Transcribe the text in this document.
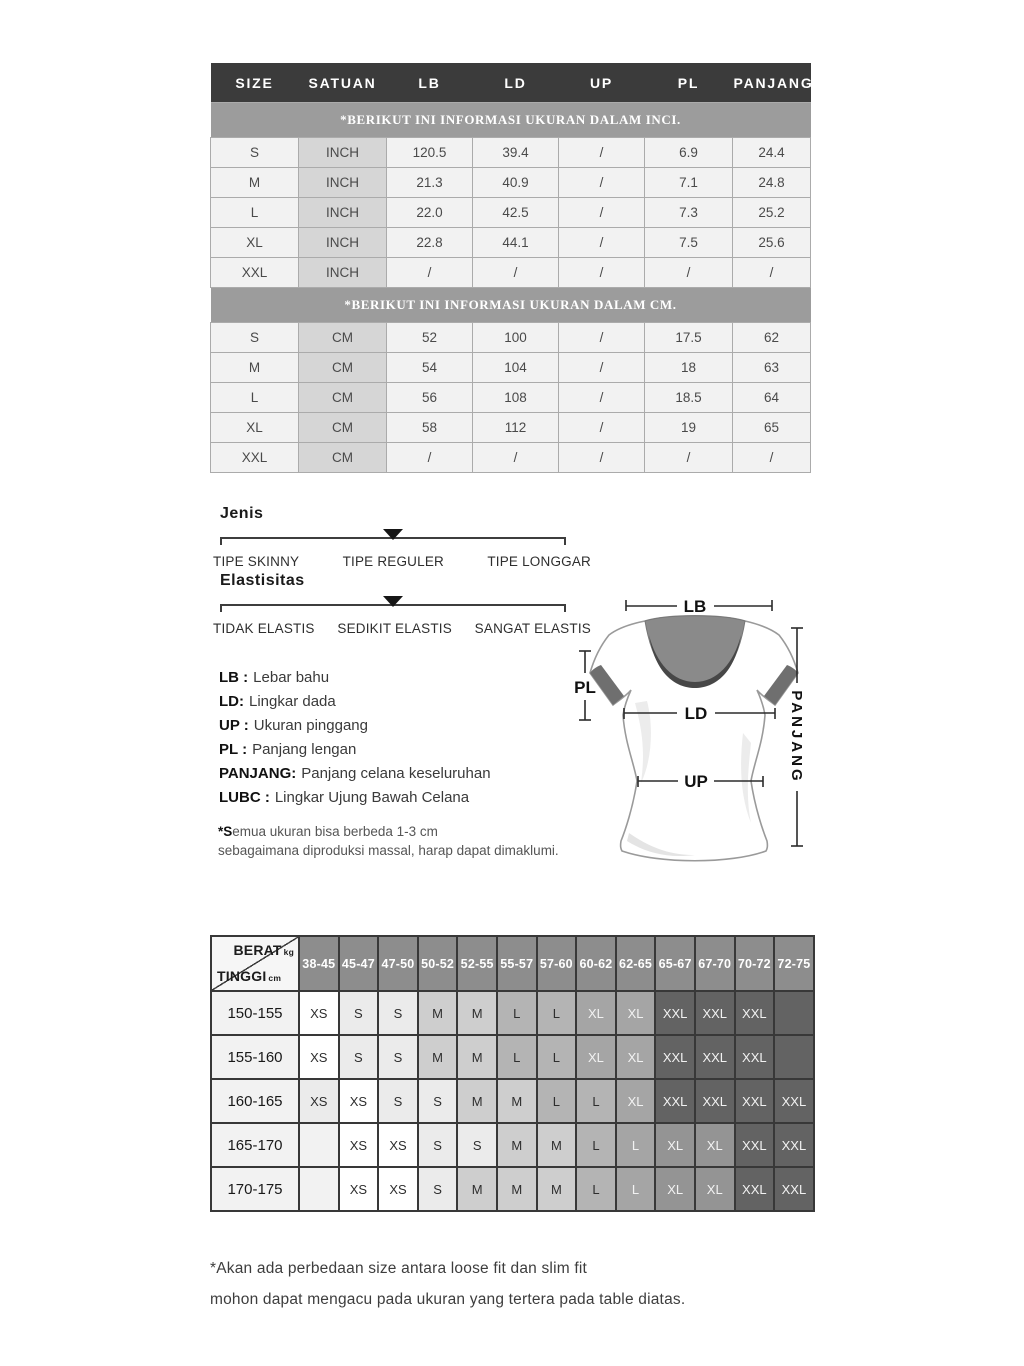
SIZE	SATUAN	LB	LD	UP	PL	PANJANG
*BERIKUT INI INFORMASI UKURAN DALAM INCI.						
S	INCH	120.5	39.4	/	6.9	24.4
M	INCH	21.3	40.9	/	7.1	24.8
L	INCH	22.0	42.5	/	7.3	25.2
XL	INCH	22.8	44.1	/	7.5	25.6
XXL	INCH	/	/	/	/	/
*BERIKUT INI INFORMASI UKURAN DALAM CM.						
S	CM	52	100	/	17.5	62
M	CM	54	104	/	18	63
L	CM	56	108	/	18.5	64
XL	CM	58	112	/	19	65
XXL	CM	/	/	/	/	/
Jenis
TIPE SKINNY	TIPE REGULER	TIPE LONGGAR
Elastisitas
TIDAK ELASTIS SEDIKIT ELASTIS SANGAT ELASTIS
LB : Lebar bahu
LD: Lingkar dada
UP : Ukuran pinggang
PL : Panjang lengan
PANJANG: Panjang celana keseluruhan
LUBC : Lingkar Ujung Bawah Celana
*Semua ukuran bisa berbeda 1-3 cm
sebagaimana diproduksi massal, harap dapat dimaklumi.
LB
PL
LD
UP	PANJANG
BERAT kg
TINGGI cm	38-45	45-47	47-50	50-52	52-55	55-57	57-60	60-62	62-65	65-67	67-70	70-72	72-75
150-155	XS	S	S	M	M	L	L	XL	XL	XXL	XXL	XXL	
155-160	XS	S	S	M	M	L	L	XL	XL	XXL	XXL	XXL	
160-165	XS	XS	S	S	M	M	L	L	XL	XXL	XXL	XXL	XXL
165-170		XS	XS	S	S	M	M	L	L	XL	XL	XXL	XXL
170-175		XS	XS	S	M	M	M	L	L	XL	XL	XXL	XXL
*Akan ada perbedaan size antara loose fit dan slim fit
mohon dapat mengacu pada ukuran yang tertera pada table diatas.
